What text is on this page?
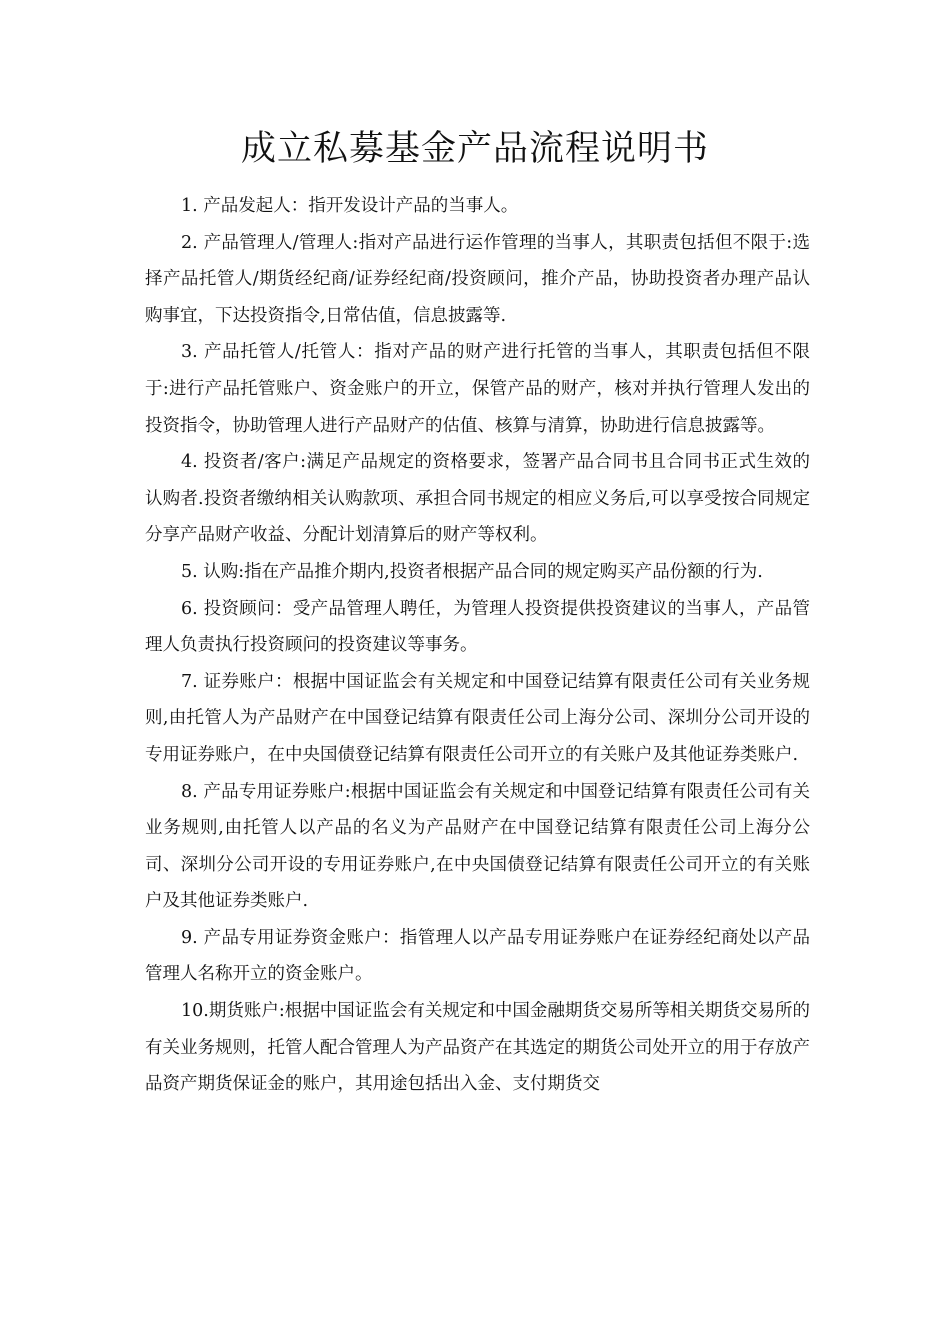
成立私募基金产品流程说明书

1. 产品发起人：指开发设计产品的当事人。

2. 产品管理人/管理人:指对产品进行运作管理的当事人，其职责包括但不限于:选择产品托管人/期货经纪商/证券经纪商/投资顾问，推介产品，协助投资者办理产品认购事宜，下达投资指令,日常估值，信息披露等.

3. 产品托管人/托管人：指对产品的财产进行托管的当事人，其职责包括但不限于:进行产品托管账户、资金账户的开立，保管产品的财产，核对并执行管理人发出的投资指令，协助管理人进行产品财产的估值、核算与清算，协助进行信息披露等。

4. 投资者/客户:满足产品规定的资格要求，签署产品合同书且合同书正式生效的认购者.投资者缴纳相关认购款项、承担合同书规定的相应义务后,可以享受按合同规定分享产品财产收益、分配计划清算后的财产等权利。

5. 认购:指在产品推介期内,投资者根据产品合同的规定购买产品份额的行为.

6. 投资顾问：受产品管理人聘任，为管理人投资提供投资建议的当事人，产品管理人负责执行投资顾问的投资建议等事务。

7. 证券账户：根据中国证监会有关规定和中国登记结算有限责任公司有关业务规则,由托管人为产品财产在中国登记结算有限责任公司上海分公司、深圳分公司开设的专用证券账户，在中央国债登记结算有限责任公司开立的有关账户及其他证券类账户.

8. 产品专用证券账户:根据中国证监会有关规定和中国登记结算有限责任公司有关业务规则,由托管人以产品的名义为产品财产在中国登记结算有限责任公司上海分公司、深圳分公司开设的专用证券账户,在中央国债登记结算有限责任公司开立的有关账户及其他证券类账户.

9. 产品专用证券资金账户：指管理人以产品专用证券账户在证券经纪商处以产品管理人名称开立的资金账户。

10.期货账户:根据中国证监会有关规定和中国金融期货交易所等相关期货交易所的有关业务规则，托管人配合管理人为产品资产在其选定的期货公司处开立的用于存放产品资产期货保证金的账户，其用途包括出入金、支付期货交
